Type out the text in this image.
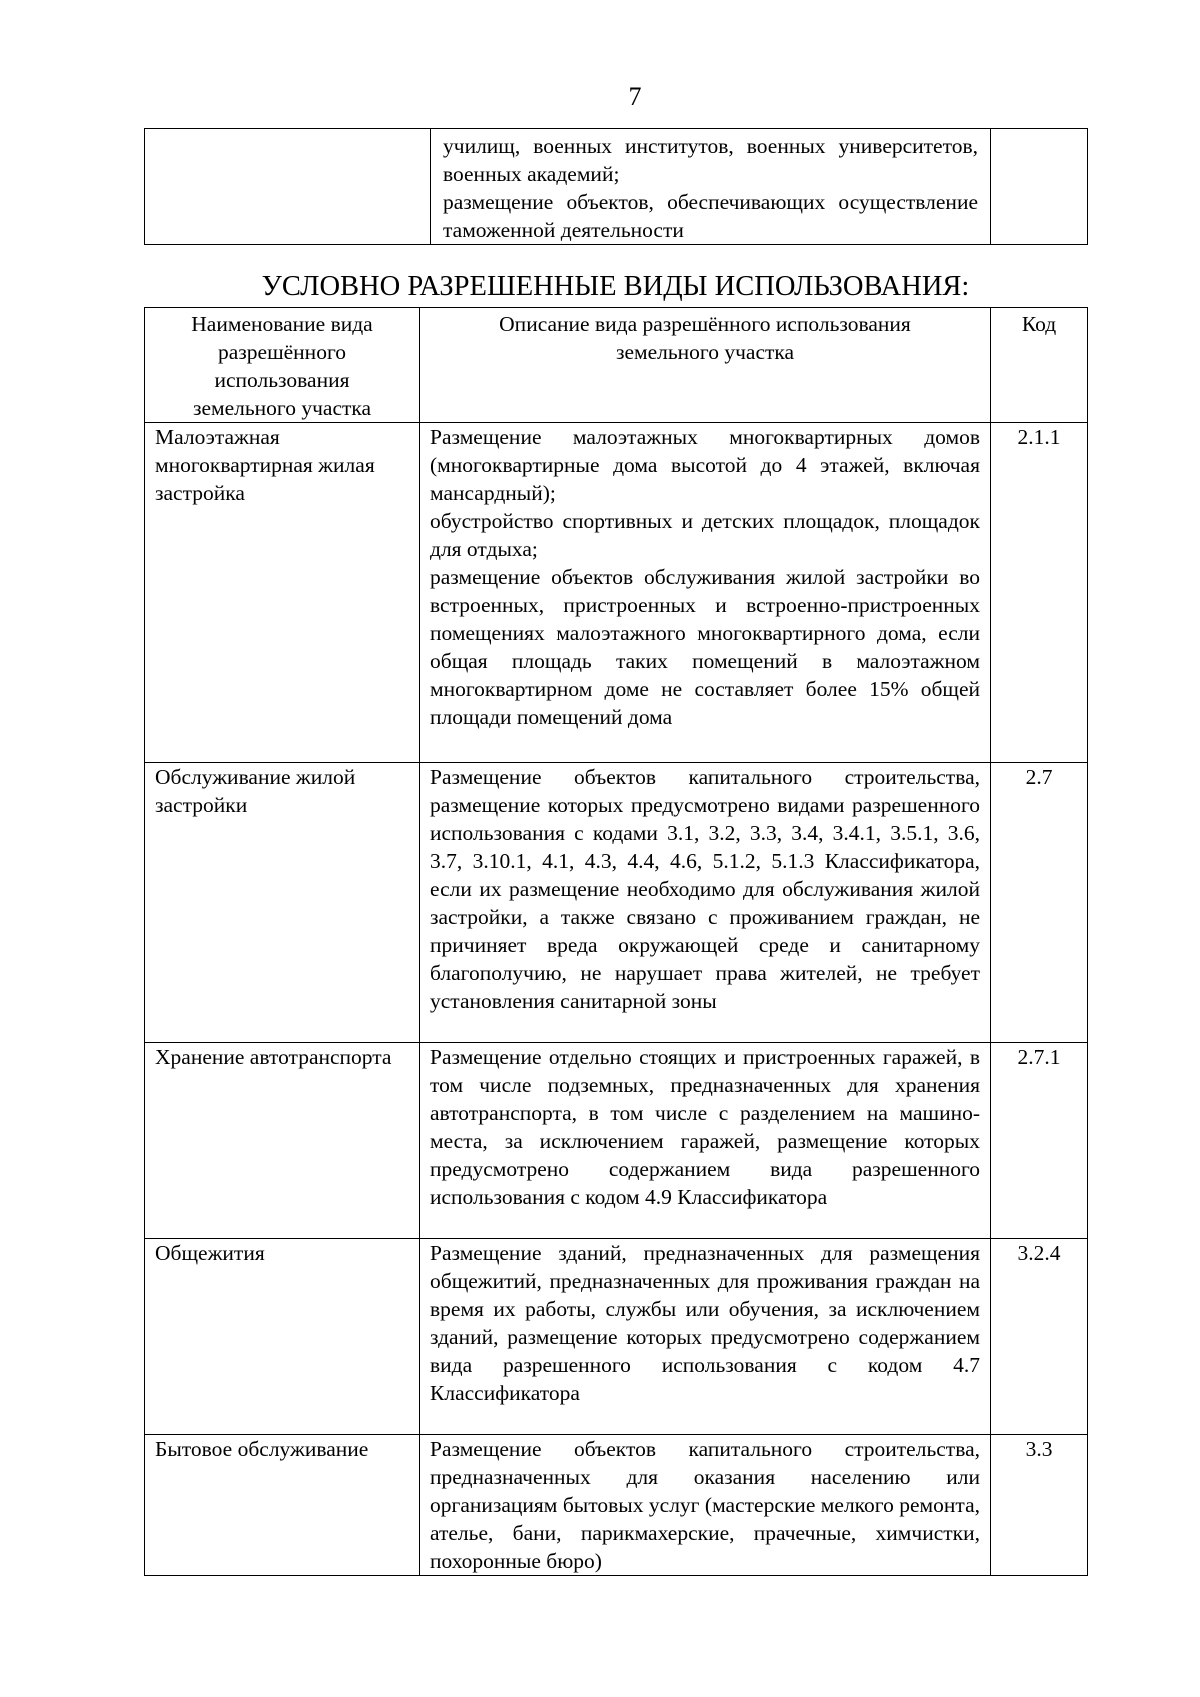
7

училищ, военных институтов, военных университетов, военных академий;
размещение объектов, обеспечивающих осуществление таможенной деятельности

УСЛОВНО РАЗРЕШЕННЫЕ ВИДЫ ИСПОЛЬЗОВАНИЯ:
Наименование вида разрешённого использования земельного участка	Описание вида разрешённого использования земельного участка	Код
Малоэтажная многоквартирная жилая застройка	Размещение малоэтажных многоквартирных домов (многоквартирные дома высотой до 4 этажей, включая мансардный);
обустройство спортивных и детских площадок, площадок для отдыха;
размещение объектов обслуживания жилой застройки во встроенных, пристроенных и встроенно-пристроенных помещениях малоэтажного многоквартирного дома, если общая площадь таких помещений в малоэтажном многоквартирном доме не составляет более 15% общей площади помещений дома	2.1.1
Обслуживание жилой застройки	Размещение объектов капитального строительства, размещение которых предусмотрено видами разрешенного использования с кодами 3.1, 3.2, 3.3, 3.4, 3.4.1, 3.5.1, 3.6, 3.7, 3.10.1, 4.1, 4.3, 4.4, 4.6, 5.1.2, 5.1.3 Классификатора, если их размещение необходимо для обслуживания жилой застройки, а также связано с проживанием граждан, не причиняет вреда окружающей среде и санитарному благополучию, не нарушает права жителей, не требует установления санитарной зоны	2.7
Хранение автотранспорта	Размещение отдельно стоящих и пристроенных гаражей, в том числе подземных, предназначенных для хранения автотранспорта, в том числе с разделением на машино-места, за исключением гаражей, размещение которых предусмотрено содержанием вида разрешенного использования с кодом 4.9 Классификатора	2.7.1
Общежития	Размещение зданий, предназначенных для размещения общежитий, предназначенных для проживания граждан на время их работы, службы или обучения, за исключением зданий, размещение которых предусмотрено содержанием вида разрешенного использования с кодом 4.7 Классификатора	3.2.4
Бытовое обслуживание	Размещение объектов капитального строительства, предназначенных для оказания населению или организациям бытовых услуг (мастерские мелкого ремонта, ателье, бани, парикмахерские, прачечные, химчистки, похоронные бюро)	3.3
